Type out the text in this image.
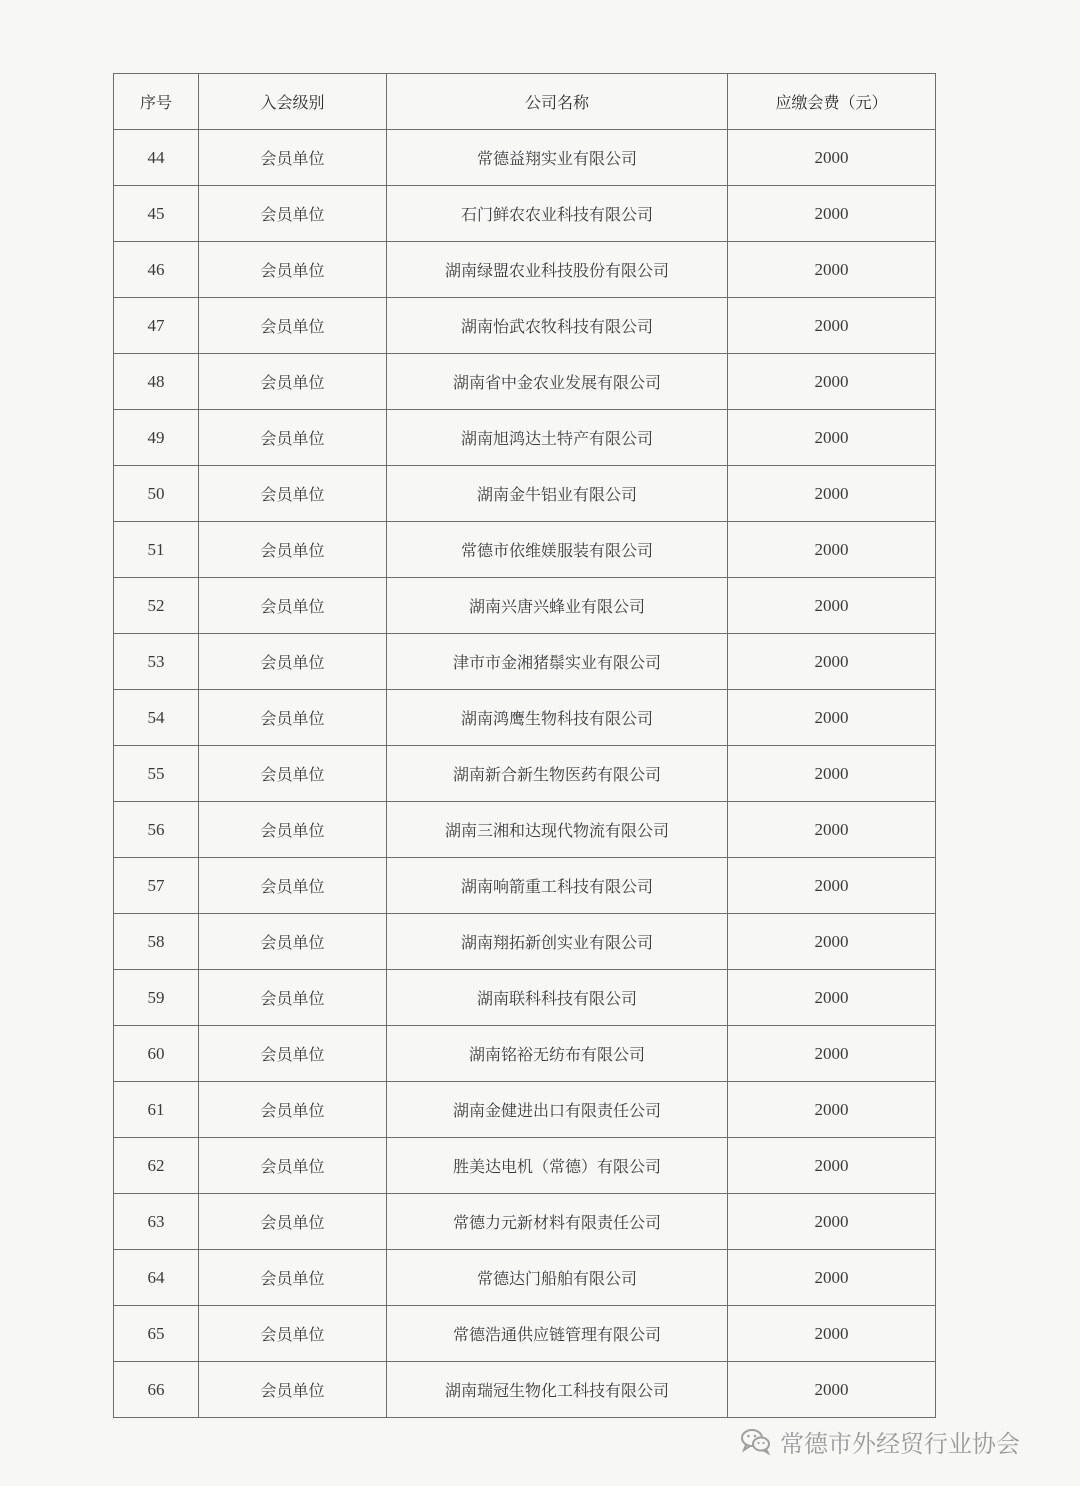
序号	入会级别	公司名称	应缴会费（元）
44	会员单位	常德益翔实业有限公司	2000
45	会员单位	石门鲜农农业科技有限公司	2000
46	会员单位	湖南绿盟农业科技股份有限公司	2000
47	会员单位	湖南怡武农牧科技有限公司	2000
48	会员单位	湖南省中金农业发展有限公司	2000
49	会员单位	湖南旭鸿达土特产有限公司	2000
50	会员单位	湖南金牛铝业有限公司	2000
51	会员单位	常德市依维媄服装有限公司	2000
52	会员单位	湖南兴唐兴蜂业有限公司	2000
53	会员单位	津市市金湘猪鬃实业有限公司	2000
54	会员单位	湖南鸿鹰生物科技有限公司	2000
55	会员单位	湖南新合新生物医药有限公司	2000
56	会员单位	湖南三湘和达现代物流有限公司	2000
57	会员单位	湖南响箭重工科技有限公司	2000
58	会员单位	湖南翔拓新创实业有限公司	2000
59	会员单位	湖南联科科技有限公司	2000
60	会员单位	湖南铭裕无纺布有限公司	2000
61	会员单位	湖南金健进出口有限责任公司	2000
62	会员单位	胜美达电机（常德）有限公司	2000
63	会员单位	常德力元新材料有限责任公司	2000
64	会员单位	常德达门船舶有限公司	2000
65	会员单位	常德浩通供应链管理有限公司	2000
66	会员单位	湖南瑞冠生物化工科技有限公司	2000
常德市外经贸行业协会
